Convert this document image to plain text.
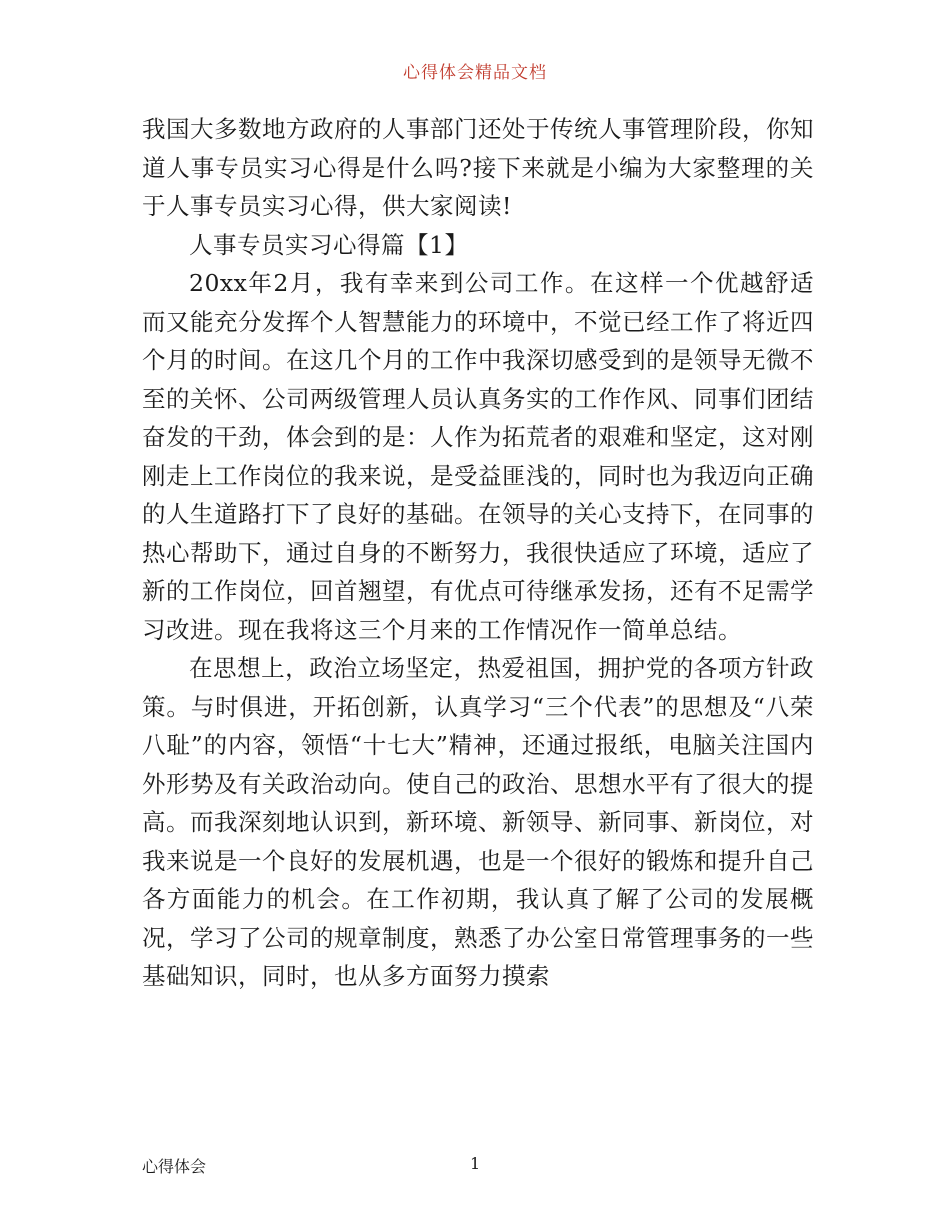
心得体会精品文档

我国大多数地方政府的人事部门还处于传统人事管理阶段，你知道人事专员实习心得是什么吗?接下来就是小编为大家整理的关于人事专员实习心得，供大家阅读!

人事专员实习心得篇【1】

20xx年2月，我有幸来到公司工作。在这样一个优越舒适而又能充分发挥个人智慧能力的环境中，不觉已经工作了将近四个月的时间。在这几个月的工作中我深切感受到的是领导无微不至的关怀、公司两级管理人员认真务实的工作作风、同事们团结奋发的干劲，体会到的是：人作为拓荒者的艰难和坚定，这对刚刚走上工作岗位的我来说，是受益匪浅的，同时也为我迈向正确的人生道路打下了良好的基础。在领导的关心支持下，在同事的热心帮助下，通过自身的不断努力，我很快适应了环境，适应了新的工作岗位，回首翘望，有优点可待继承发扬，还有不足需学习改进。现在我将这三个月来的工作情况作一简单总结。

在思想上，政治立场坚定，热爱祖国，拥护党的各项方针政策。与时俱进，开拓创新，认真学习“三个代表”的思想及“八荣八耻”的内容，领悟“十七大”精神，还通过报纸，电脑关注国内外形势及有关政治动向。使自己的政治、思想水平有了很大的提高。而我深刻地认识到，新环境、新领导、新同事、新岗位，对我来说是一个良好的发展机遇，也是一个很好的锻炼和提升自己各方面能力的机会。在工作初期，我认真了解了公司的发展概况，学习了公司的规章制度，熟悉了办公室日常管理事务的一些基础知识，同时，也从多方面努力摸索

心得体会	1
